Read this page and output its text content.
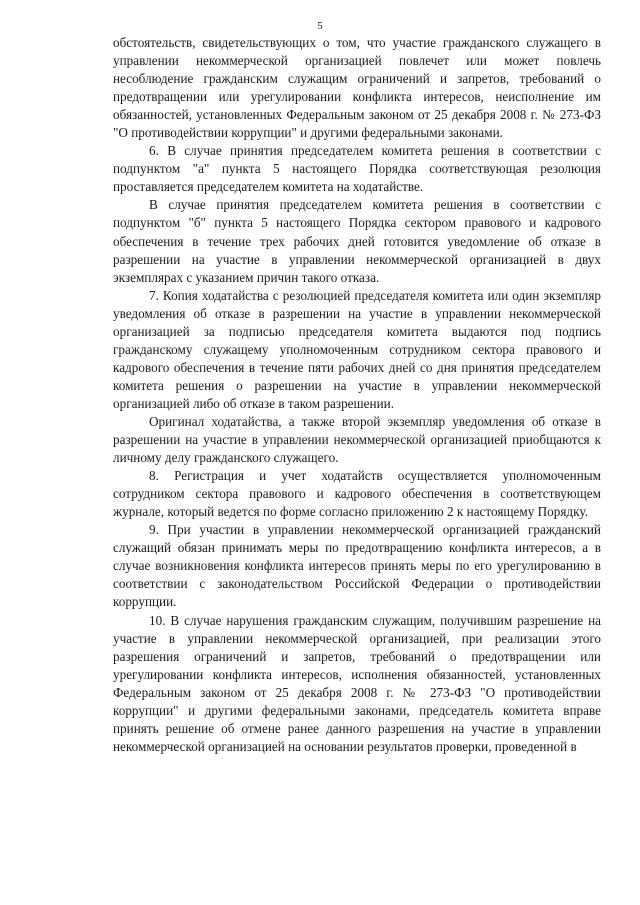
5

обстоятельств, свидетельствующих о том, что участие гражданского служащего в управлении некоммерческой организацией повлечет или может повлечь несоблюдение гражданским служащим ограничений и запретов, требований о предотвращении или урегулировании конфликта интересов, неисполнение им обязанностей, установленных Федеральным законом от 25 декабря 2008 г. № 273-ФЗ "О противодействии коррупции" и другими федеральными законами.

6. В случае принятия председателем комитета решения в соответствии с подпунктом "а" пункта 5 настоящего Порядка соответствующая резолюция проставляется председателем комитета на ходатайстве.

В случае принятия председателем комитета решения в соответствии с подпунктом "б" пункта 5 настоящего Порядка сектором правового и кадрового обеспечения в течение трех рабочих дней готовится уведомление об отказе в разрешении на участие в управлении некоммерческой организацией в двух экземплярах с указанием причин такого отказа.

7. Копия ходатайства с резолюцией председателя комитета или один экземпляр уведомления об отказе в разрешении на участие в управлении некоммерческой организацией за подписью председателя комитета выдаются под подпись гражданскому служащему уполномоченным сотрудником сектора правового и кадрового обеспечения в течение пяти рабочих дней со дня принятия председателем комитета решения о разрешении на участие в управлении некоммерческой организацией либо об отказе в таком разрешении.

Оригинал ходатайства, а также второй экземпляр уведомления об отказе в разрешении на участие в управлении некоммерческой организацией приобщаются к личному делу гражданского служащего.

8. Регистрация и учет ходатайств осуществляется уполномоченным сотрудником сектора правового и кадрового обеспечения в соответствующем журнале, который ведется по форме согласно приложению 2 к настоящему Порядку.

9. При участии в управлении некоммерческой организацией гражданский служащий обязан принимать меры по предотвращению конфликта интересов, а в случае возникновения конфликта интересов принять меры по его урегулированию в соответствии с законодательством Российской Федерации о противодействии коррупции.

10. В случае нарушения гражданским служащим, получившим разрешение на участие в управлении некоммерческой организацией, при реализации этого разрешения ограничений и запретов, требований о предотвращении или урегулировании конфликта интересов, исполнения обязанностей, установленных Федеральным законом от 25 декабря 2008 г. № 273-ФЗ "О противодействии коррупции" и другими федеральными законами, председатель комитета вправе принять решение об отмене ранее данного разрешения на участие в управлении некоммерческой организацией на основании результатов проверки, проведенной в
